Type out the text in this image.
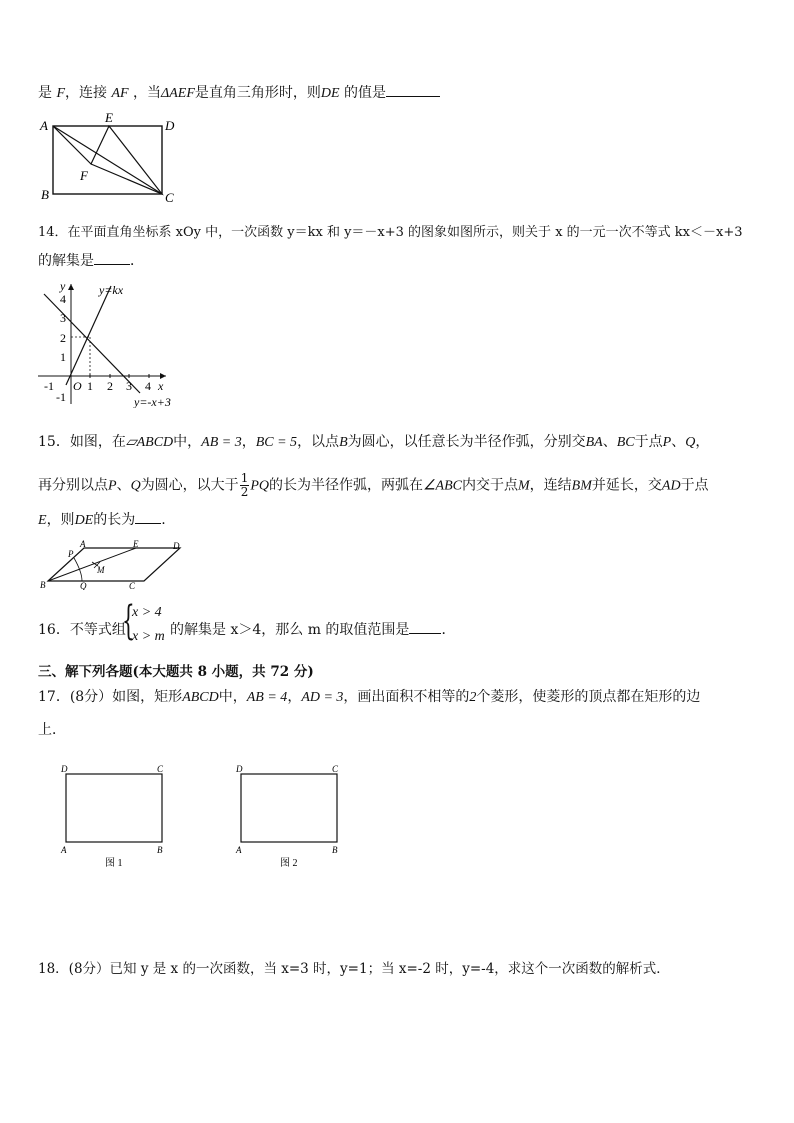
是 F，连接 AF ，当ΔAEF是直角三角形时，则DE 的值是
A
E
D
F
B	C
14．在平面直角坐标系 xOy 中，一次函数 y＝kx 和 y＝－x+3 的图象如图所示，则关于 x 的一元一次不等式 kx＜－x+3
的解集是	．
y
x
O
y=kx
y=-x+3
4
3
2
1
-1
-1	1 2 3 4
15．如图，在▱ABCD中，AB = 3，BC = 5，以点B为圆心，以任意长为半径作弧，分别交BA、BC于点P、Q，
再分别以点P、Q为圆心，以大于 $\frac{1}{2}$ PQ的长为半径作弧，两弧在∠ABC内交于点M，连结BM并延长，交AD于点
E，则DE的长为 .
A	E	D
P
M
B	Q	C
16．不等式组
{
x > 4
x > m 的解集是 x＞4，那么 m 的取值范围是 ．
三、解下列各题(本大题共 8 小题，共 72 分)
17．(8分）如图，矩形ABCD中，AB = 4，AD = 3，画出面积不相等的2个菱形，使菱形的顶点都在矩形的边
上．
D	C
A	B
图 1
D	C
A	B
图 2
18．(8分）已知 y 是 x 的一次函数，当 x=3 时，y=1；当 x=-2 时，y=-4，求这个一次函数的解析式．
